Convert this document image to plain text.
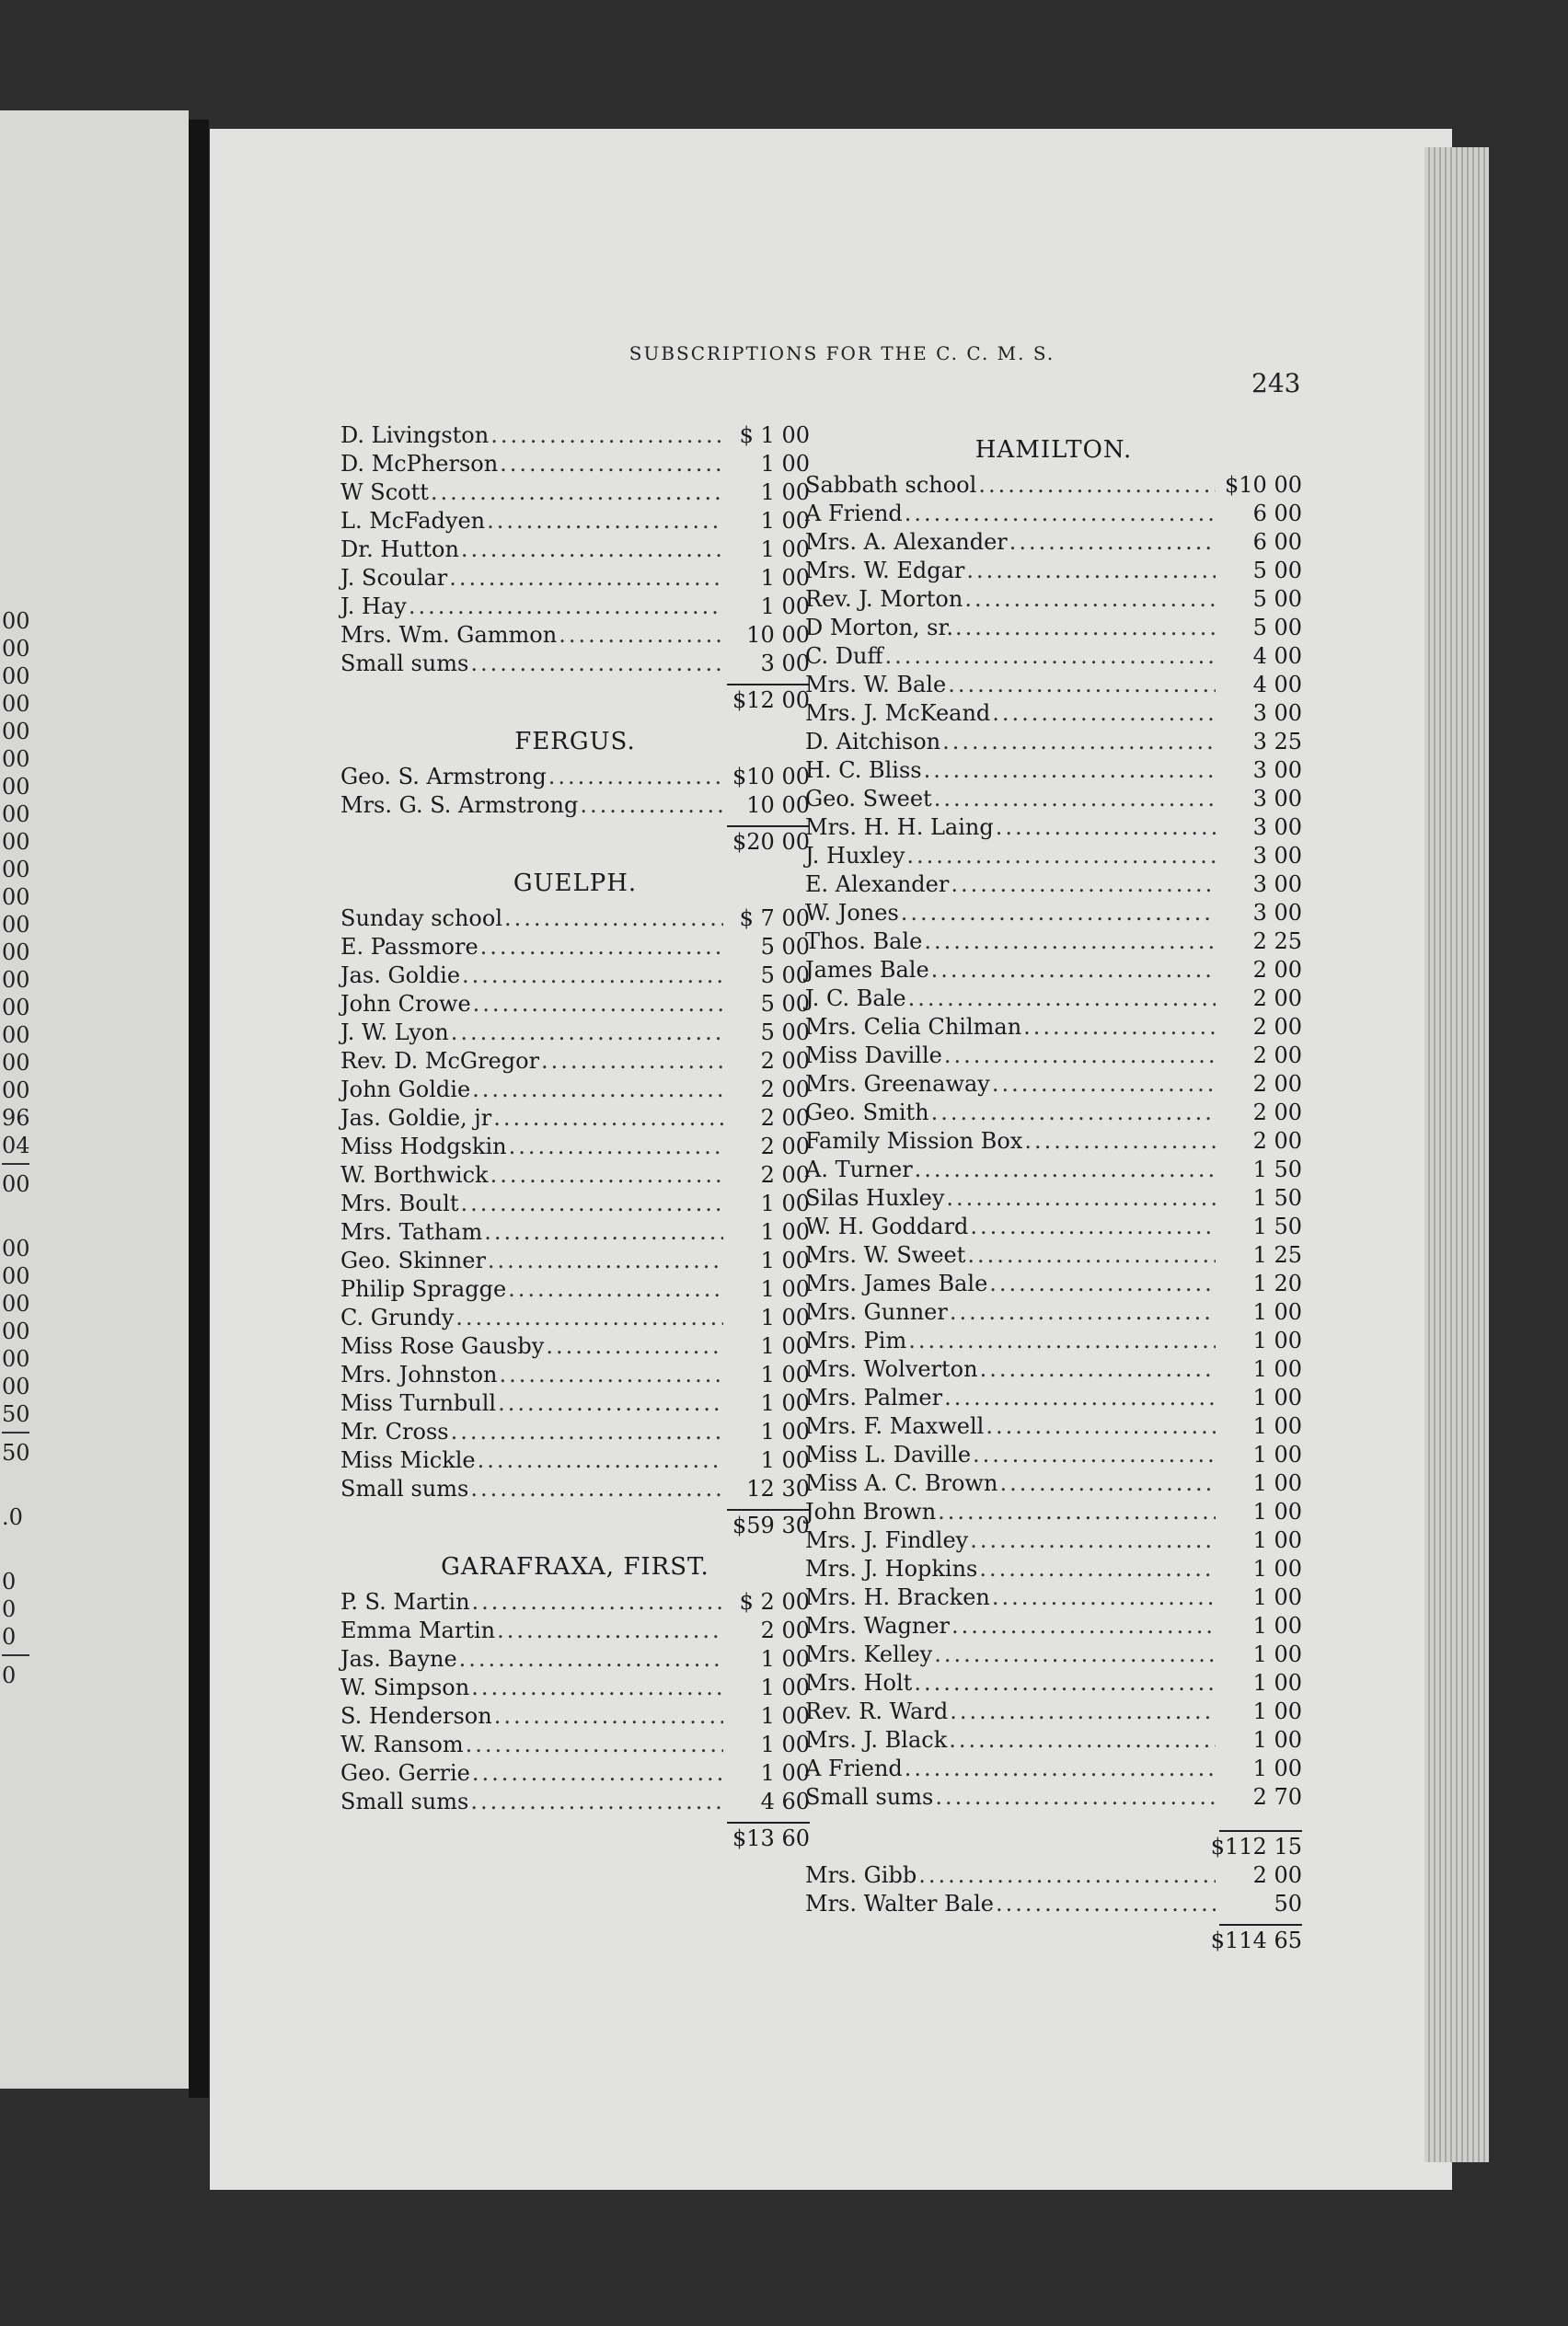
00
00
00
00
00
00
00
00
00
00
00
00
00
00
00
00
00
00
96
04
00
00
00
00
00
00
00
50
50
.0
0
0
0
0
SUBSCRIPTIONS FOR THE C. C. M. S.
243
D. Livingston .....	$ 1 00
D. McPherson .....	1 00
W Scott .....	1 00
L. McFadyen .....	1 00
Dr. Hutton .....	1 00
J. Scoular .....	1 00
J. Hay .....	1 00
Mrs. Wm. Gammon .....	10 00
Small sums .....	3 00
$12 00
FERGUS.
Geo. S. Armstrong .....	$10 00
Mrs. G. S. Armstrong .....	10 00
$20 00
GUELPH.
Sunday school .....	$ 7 00
E. Passmore .....	5 00
Jas. Goldie .....	5 00
John Crowe .....	5 00
J. W. Lyon .....	5 00
Rev. D. McGregor .....	2 00
John Goldie .....	2 00
Jas. Goldie, jr .....	2 00
Miss Hodgskin .....	2 00
W. Borthwick .....	2 00
Mrs. Boult .....	1 00
Mrs. Tatham .....	1 00
Geo. Skinner .....	1 00
Philip Spragge .....	1 00
C. Grundy .....	1 00
Miss Rose Gausby .....	1 00
Mrs. Johnston .....	1 00
Miss Turnbull .....	1 00
Mr. Cross .....	1 00
Miss Mickle .....	1 00
Small sums .....	12 30
$59 30
GARAFRAXA, FIRST.
P. S. Martin .....	$ 2 00
Emma Martin .....	2 00
Jas. Bayne .....	1 00
W. Simpson .....	1 00
S. Henderson .....	1 00
W. Ransom .....	1 00
Geo. Gerrie .....	1 00
Small sums .....	4 60
$13 60
HAMILTON.
Sabbath school .....	$10 00
A Friend .....	6 00
Mrs. A. Alexander .....	6 00
Mrs. W. Edgar .....	5 00
Rev. J. Morton .....	5 00
D Morton, sr. .....	5 00
C. Duff .....	4 00
Mrs. W. Bale .....	4 00
Mrs. J. McKeand .....	3 00
D. Aitchison .....	3 25
H. C. Bliss .....	3 00
Geo. Sweet .....	3 00
Mrs. H. H. Laing .....	3 00
J. Huxley .....	3 00
E. Alexander .....	3 00
W. Jones .....	3 00
Thos. Bale .....	2 25
James Bale .....	2 00
J. C. Bale .....	2 00
Mrs. Celia Chilman .....	2 00
Miss Daville .....	2 00
Mrs. Greenaway .....	2 00
Geo. Smith .....	2 00
Family Mission Box .....	2 00
A. Turner .....	1 50
Silas Huxley .....	1 50
W. H. Goddard .....	1 50
Mrs. W. Sweet .....	1 25
Mrs. James Bale .....	1 20
Mrs. Gunner .....	1 00
Mrs. Pim .....	1 00
Mrs. Wolverton .....	1 00
Mrs. Palmer .....	1 00
Mrs. F. Maxwell .....	1 00
Miss L. Daville .....	1 00
Miss A. C. Brown .....	1 00
John Brown .....	1 00
Mrs. J. Findley .....	1 00
Mrs. J. Hopkins .....	1 00
Mrs. H. Bracken .....	1 00
Mrs. Wagner .....	1 00
Mrs. Kelley .....	1 00
Mrs. Holt .....	1 00
Rev. R. Ward .....	1 00
Mrs. J. Black .....	1 00
A Friend .....	1 00
Small sums .....	2 70
$112 15
Mrs. Gibb .....	2 00
Mrs. Walter Bale .....	50
$114 65
